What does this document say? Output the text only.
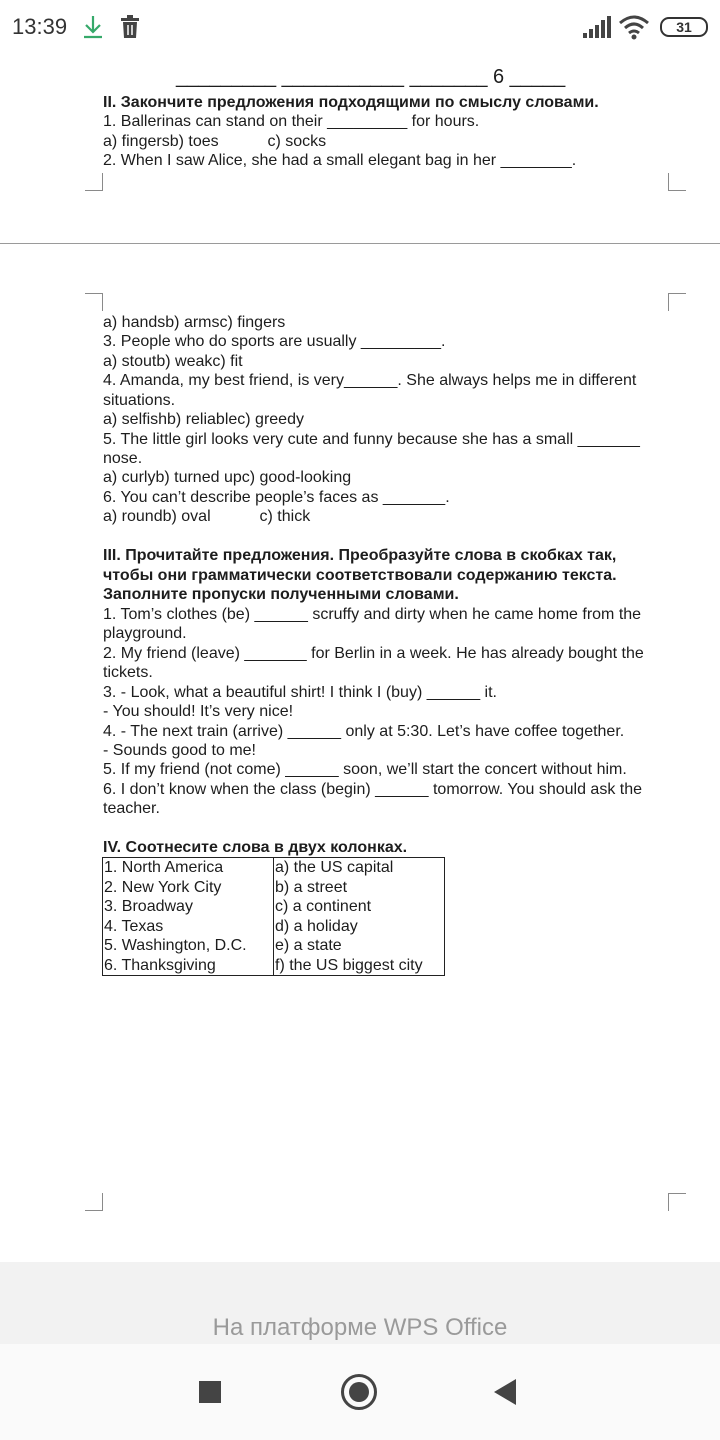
13:39	31
_________ ___________ _______ 6 _____
II. Закончите предложения подходящими по смыслу словами.
1. Ballerinas can stand on their _________ for hours.
a) fingersb) toes           c) socks
2. When I saw Alice, she had a small elegant bag in her ________.
a) handsb) armsc) fingers
3. People who do sports are usually _________.
a) stoutb) weakc) fit
4. Amanda, my best friend, is very______. She always helps me in different
situations.
a) selfishb) reliablec) greedy
5. The little girl looks very cute and funny because she has a small _______
nose.
a) curlyb) turned upc) good-looking
6. You can’t describe people’s faces as _______.
a) roundb) oval           c) thick
III. Прочитайте предложения. Преобразуйте слова в скобках так,
чтобы они грамматически соответствовали содержанию текста.
Заполните пропуски полученными словами.
1. Tom’s clothes (be) ______ scruffy and dirty when he came home from the
playground.
2. My friend (leave) _______ for Berlin in a week. He has already bought the
tickets.
3. - Look, what a beautiful shirt! I think I (buy) ______ it.
- You should! It’s very nice!
4. - The next train (arrive) ______ only at 5:30. Let’s have coffee together.
- Sounds good to me!
5. If my friend (not come) ______ soon, we’ll start the concert without him.
6. I don’t know when the class (begin) ______ tomorrow. You should ask the
teacher.
IV. Соотнесите слова в двух колонках.
1. North America	a) the US capital
2. New York City	b) a street
3. Broadway	c) a continent
4. Texas	d) a holiday
5. Washington, D.C.	e) a state
6. Thanksgiving	f) the US biggest city
На платформе WPS Office
